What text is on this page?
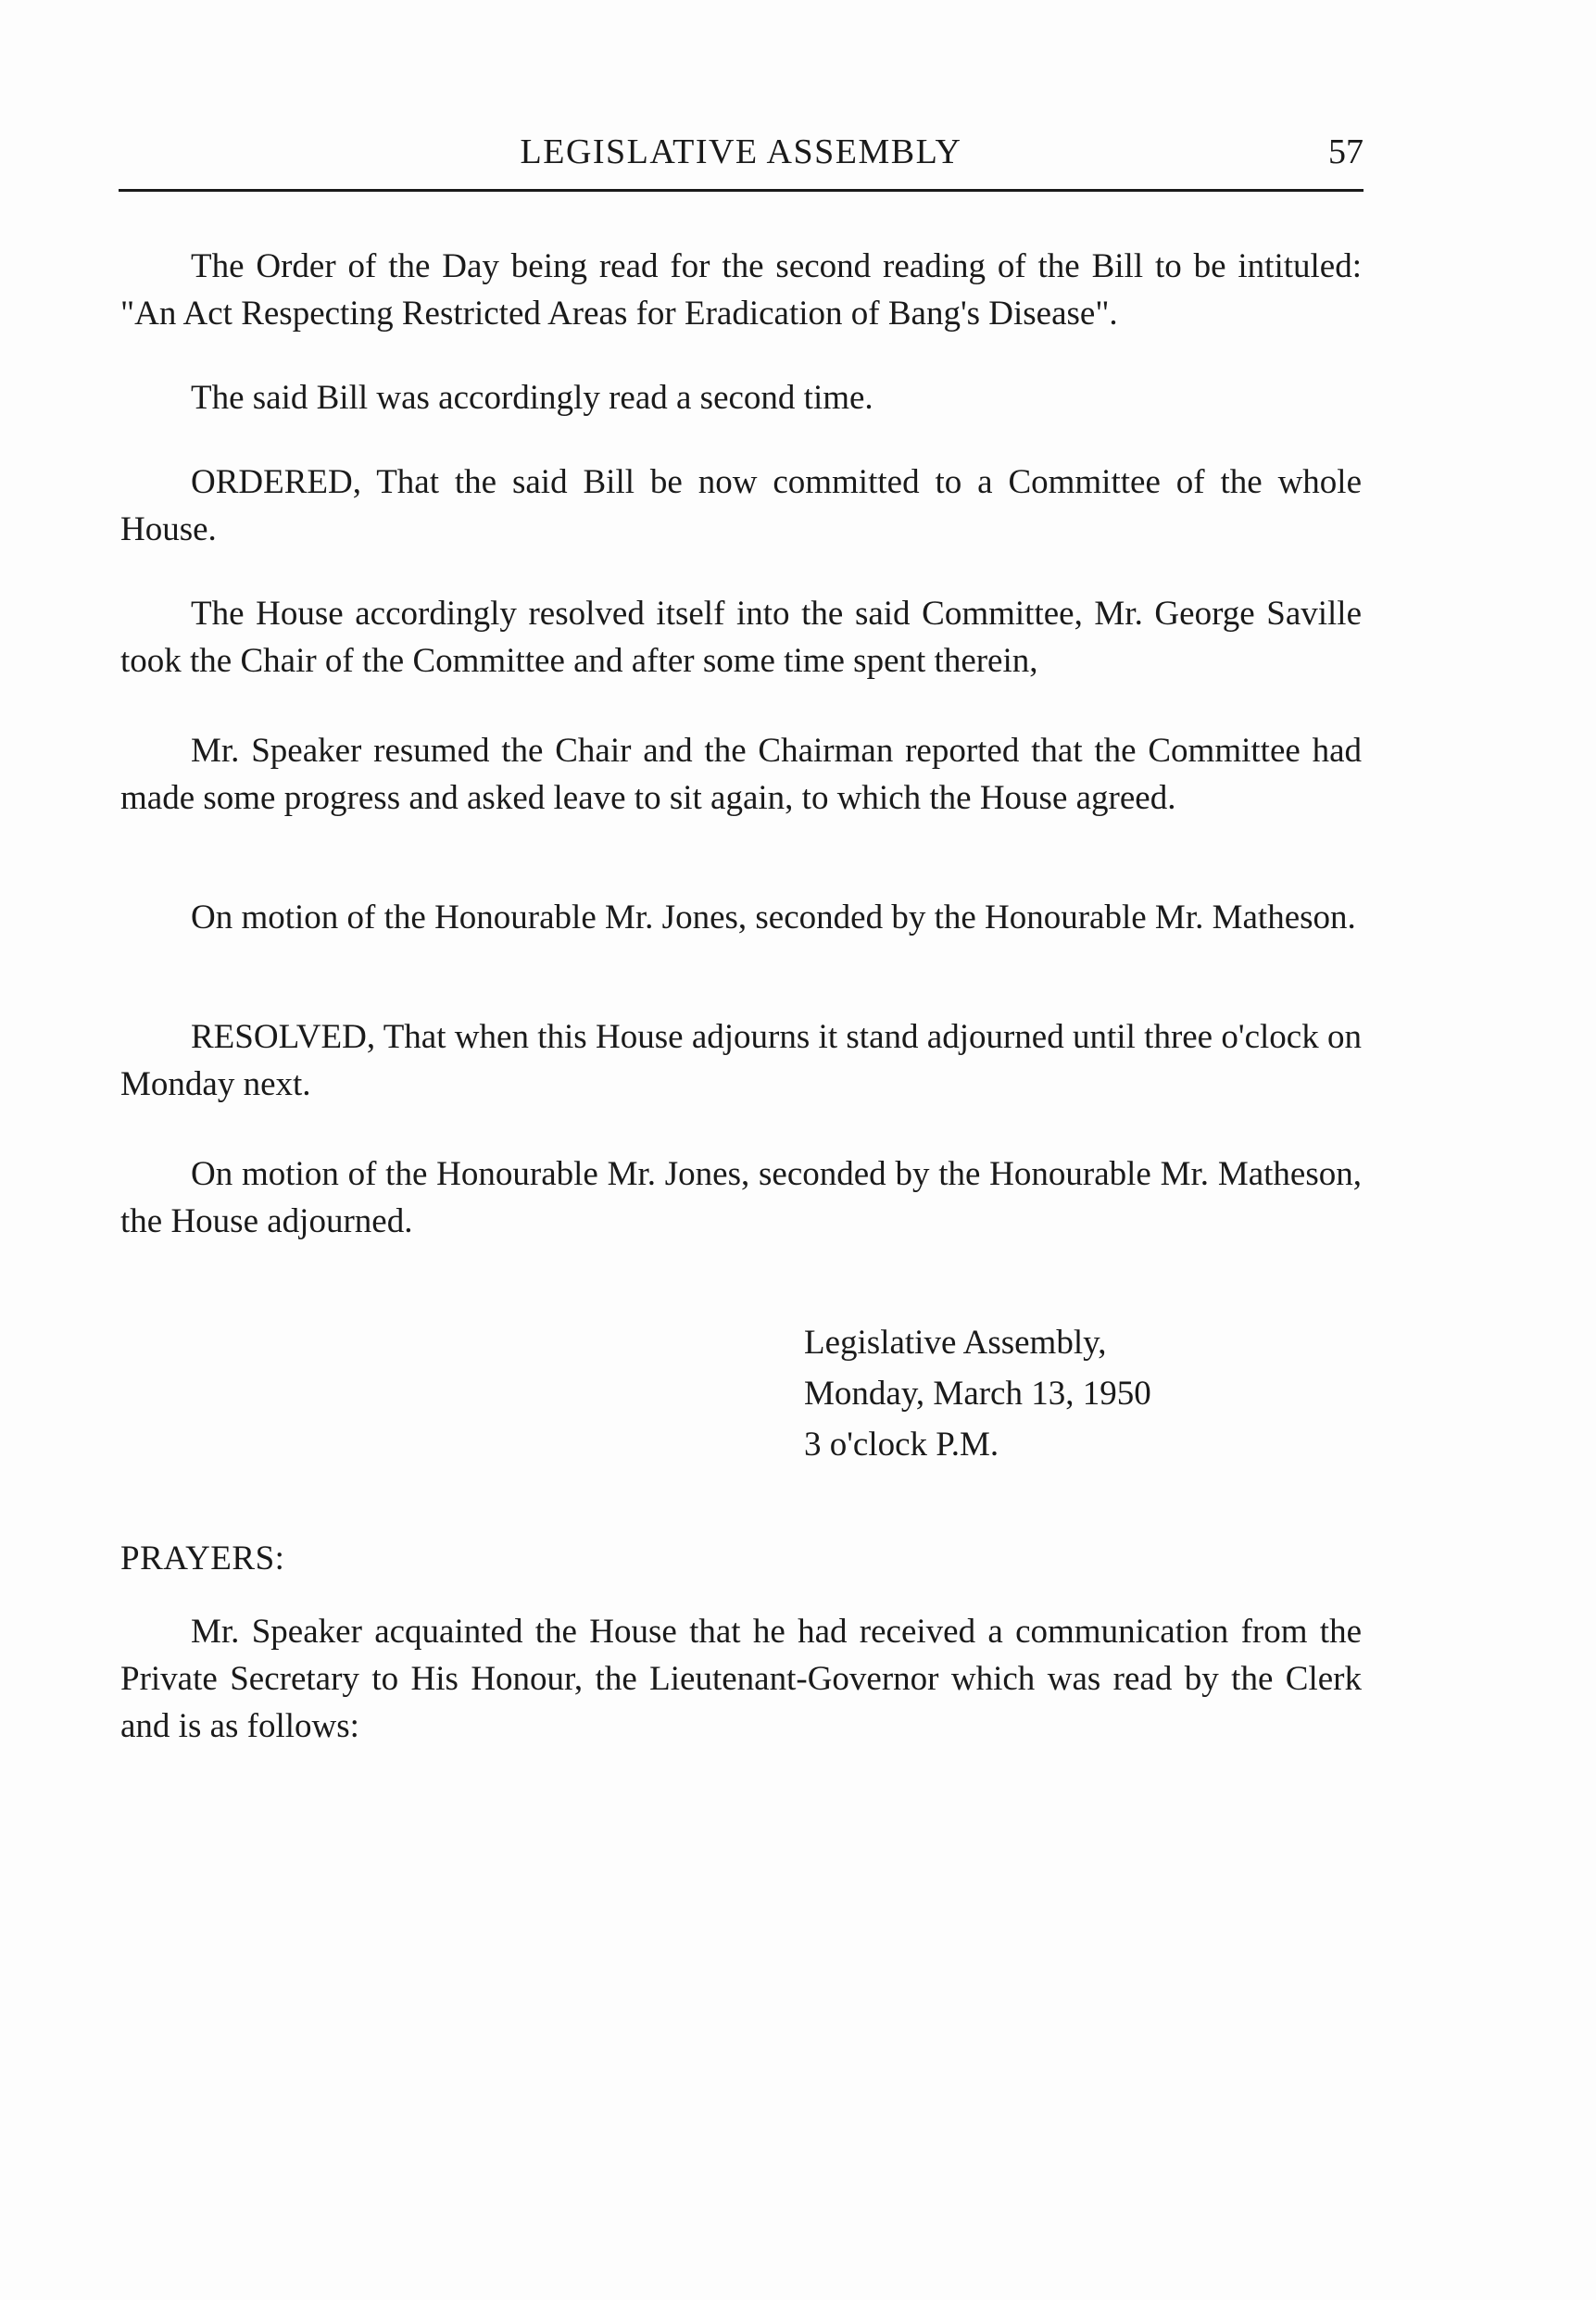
LEGISLATIVE ASSEMBLY	57

The Order of the Day being read for the second reading of the Bill to be intituled: "An Act Respecting Restricted Areas for Eradication of Bang's Disease".

The said Bill was accordingly read a second time.

ORDERED, That the said Bill be now committed to a Committee of the whole House.

The House accordingly resolved itself into the said Committee, Mr. George Saville took the Chair of the Committee and after some time spent therein,

Mr. Speaker resumed the Chair and the Chairman reported that the Committee had made some progress and asked leave to sit again, to which the House agreed.

On motion of the Honourable Mr. Jones, seconded by the Honourable Mr. Matheson.

RESOLVED, That when this House adjourns it stand adjourned until three o'clock on Monday next.

On motion of the Honourable Mr. Jones, seconded by the Honourable Mr. Matheson, the House adjourned.

Legislative Assembly,
Monday, March 13, 1950
3 o'clock P.M.

PRAYERS:

Mr. Speaker acquainted the House that he had received a communication from the Private Secretary to His Honour, the Lieutenant-Governor which was read by the Clerk and is as follows:
